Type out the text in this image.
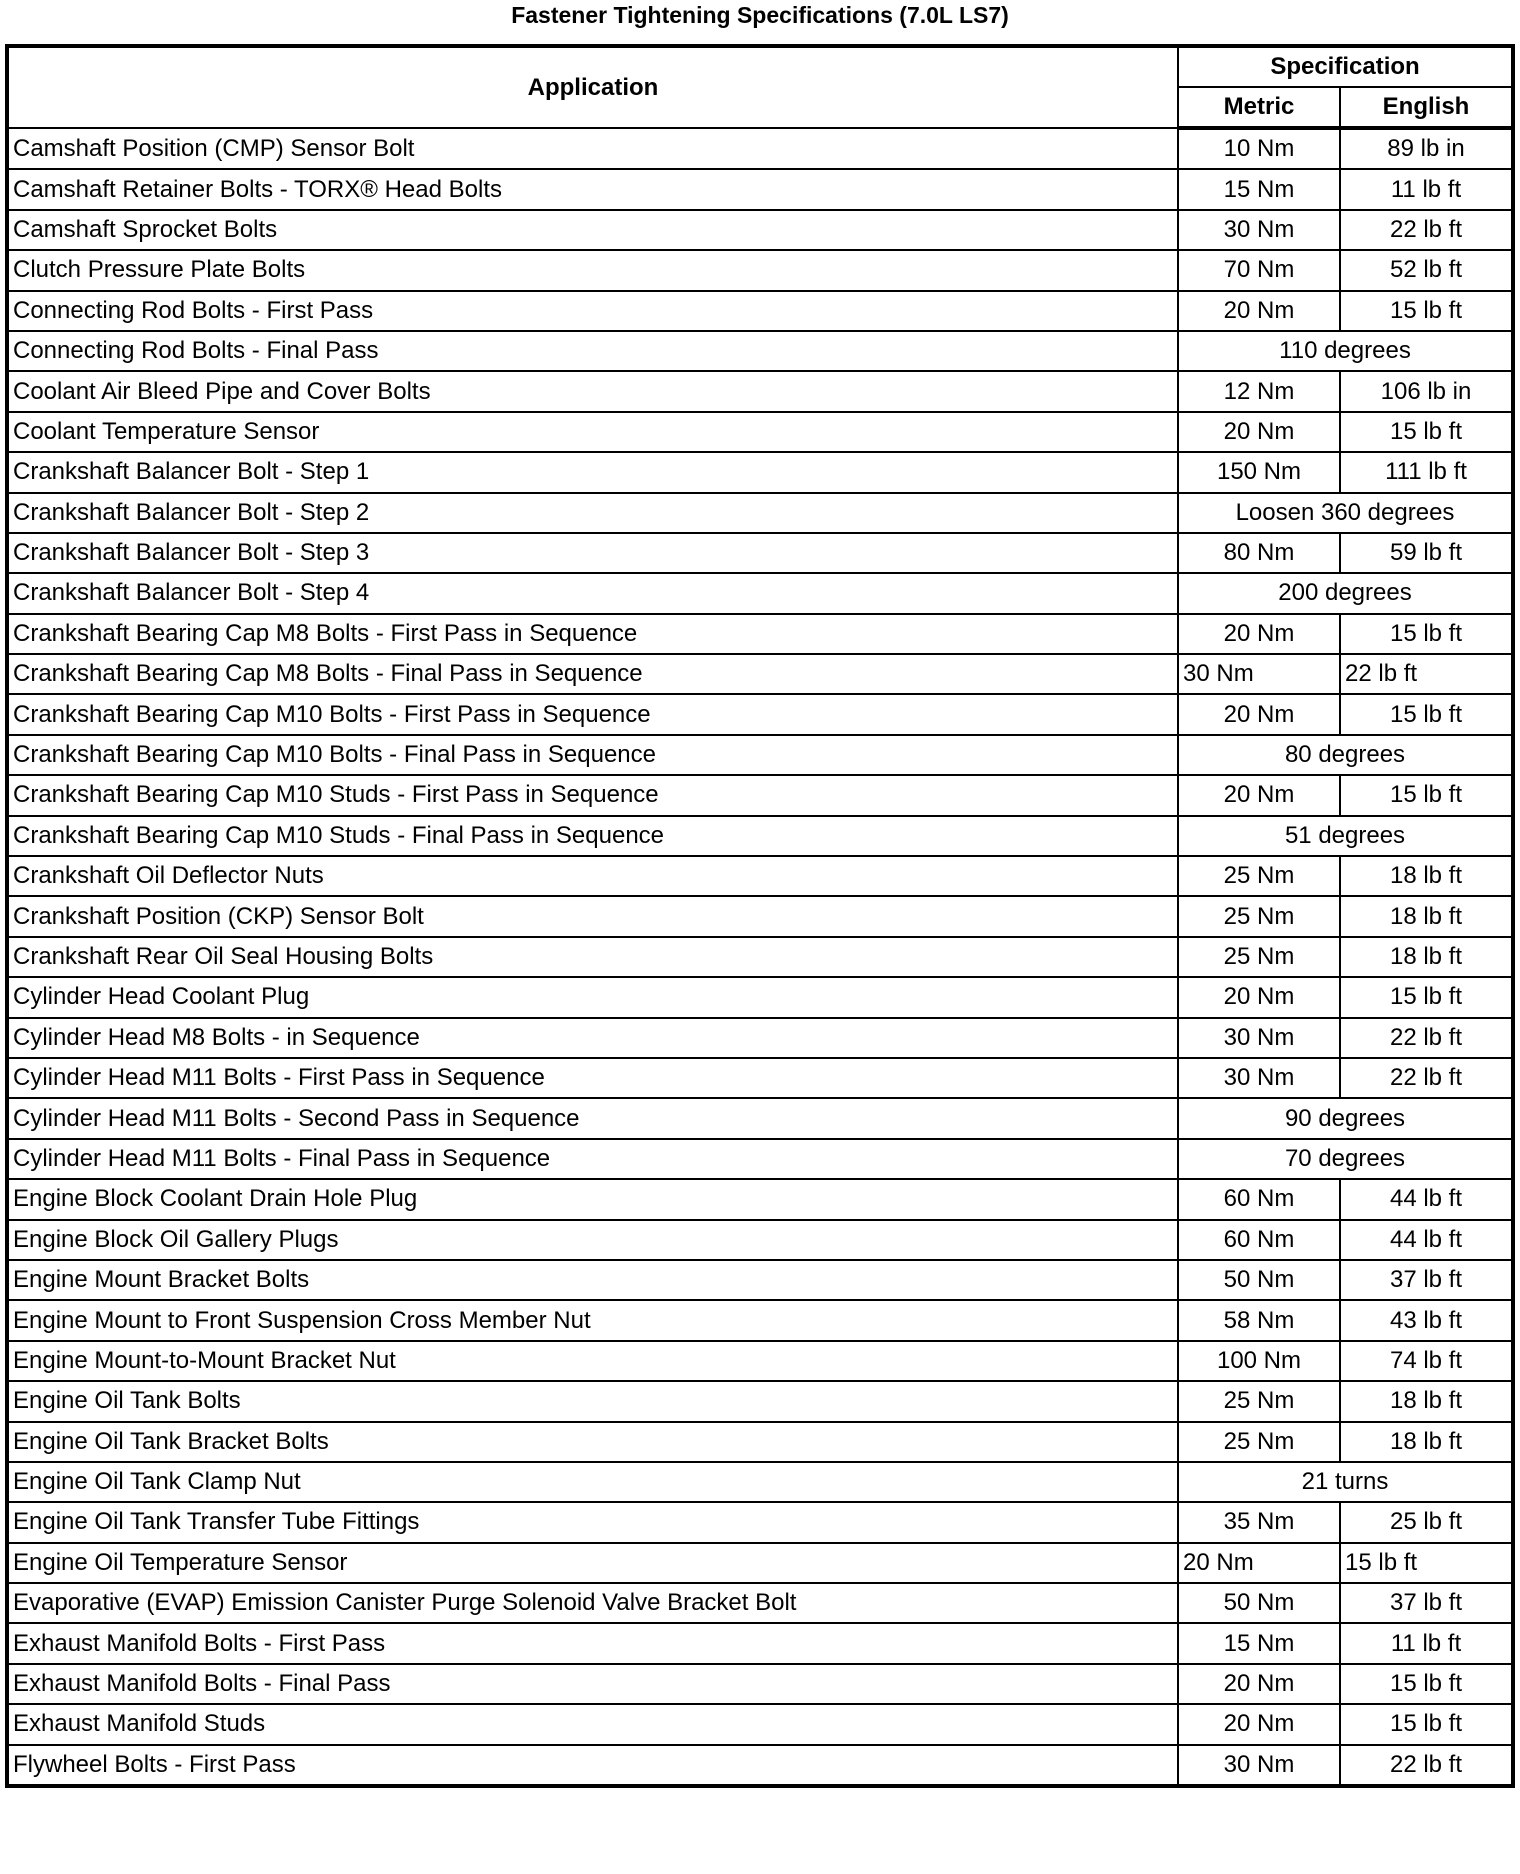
Fastener Tightening Specifications (7.0L LS7)
Application	Specification	
	Metric	English
Camshaft Position (CMP) Sensor Bolt	10 Nm	89 lb in
Camshaft Retainer Bolts - TORX® Head Bolts	15 Nm	11 lb ft
Camshaft Sprocket Bolts	30 Nm	22 lb ft
Clutch Pressure Plate Bolts	70 Nm	52 lb ft
Connecting Rod Bolts - First Pass	20 Nm	15 lb ft
Connecting Rod Bolts - Final Pass	110 degrees	
Coolant Air Bleed Pipe and Cover Bolts	12 Nm	106 lb in
Coolant Temperature Sensor	20 Nm	15 lb ft
Crankshaft Balancer Bolt - Step 1	150 Nm	111 lb ft
Crankshaft Balancer Bolt - Step 2	Loosen 360 degrees	
Crankshaft Balancer Bolt - Step 3	80 Nm	59 lb ft
Crankshaft Balancer Bolt - Step 4	200 degrees	
Crankshaft Bearing Cap M8 Bolts - First Pass in Sequence	20 Nm	15 lb ft
Crankshaft Bearing Cap M8 Bolts - Final Pass in Sequence	30 Nm	22 lb ft
Crankshaft Bearing Cap M10 Bolts - First Pass in Sequence	20 Nm	15 lb ft
Crankshaft Bearing Cap M10 Bolts - Final Pass in Sequence	80 degrees	
Crankshaft Bearing Cap M10 Studs - First Pass in Sequence	20 Nm	15 lb ft
Crankshaft Bearing Cap M10 Studs - Final Pass in Sequence	51 degrees	
Crankshaft Oil Deflector Nuts	25 Nm	18 lb ft
Crankshaft Position (CKP) Sensor Bolt	25 Nm	18 lb ft
Crankshaft Rear Oil Seal Housing Bolts	25 Nm	18 lb ft
Cylinder Head Coolant Plug	20 Nm	15 lb ft
Cylinder Head M8 Bolts - in Sequence	30 Nm	22 lb ft
Cylinder Head M11 Bolts - First Pass in Sequence	30 Nm	22 lb ft
Cylinder Head M11 Bolts - Second Pass in Sequence	90 degrees	
Cylinder Head M11 Bolts - Final Pass in Sequence	70 degrees	
Engine Block Coolant Drain Hole Plug	60 Nm	44 lb ft
Engine Block Oil Gallery Plugs	60 Nm	44 lb ft
Engine Mount Bracket Bolts	50 Nm	37 lb ft
Engine Mount to Front Suspension Cross Member Nut	58 Nm	43 lb ft
Engine Mount-to-Mount Bracket Nut	100 Nm	74 lb ft
Engine Oil Tank Bolts	25 Nm	18 lb ft
Engine Oil Tank Bracket Bolts	25 Nm	18 lb ft
Engine Oil Tank Clamp Nut	21 turns	
Engine Oil Tank Transfer Tube Fittings	35 Nm	25 lb ft
Engine Oil Temperature Sensor	20 Nm	15 lb ft
Evaporative (EVAP) Emission Canister Purge Solenoid Valve Bracket Bolt	50 Nm	37 lb ft
Exhaust Manifold Bolts - First Pass	15 Nm	11 lb ft
Exhaust Manifold Bolts - Final Pass	20 Nm	15 lb ft
Exhaust Manifold Studs	20 Nm	15 lb ft
Flywheel Bolts - First Pass	30 Nm	22 lb ft
